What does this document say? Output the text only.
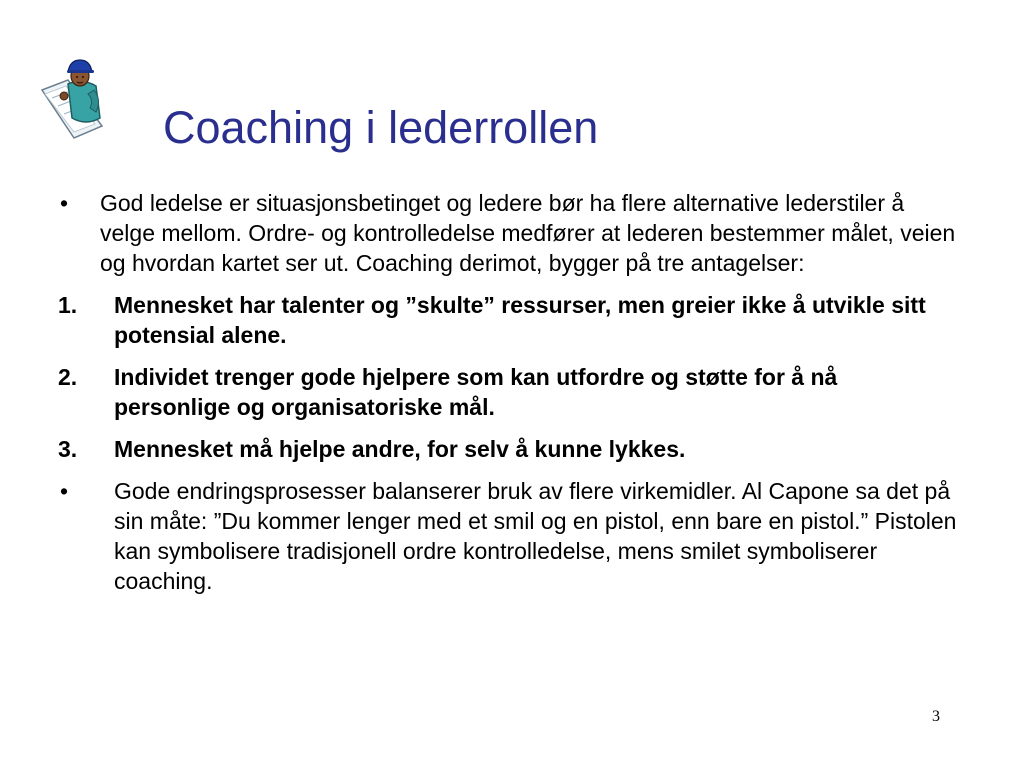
Coaching i lederrollen
• God ledelse er situasjonsbetinget og ledere bør ha flere alternative lederstiler å velge mellom. Ordre- og kontrolledelse medfører at lederen bestemmer målet, veien og hvordan kartet ser ut. Coaching derimot, bygger på tre antagelser:
1. Mennesket har talenter og ”skulte” ressurser, men greier ikke å utvikle sitt potensial alene.
2. Individet trenger gode hjelpere som kan utfordre og støtte for å nå personlige og organisatoriske mål.
3. Mennesket må hjelpe andre, for selv å kunne lykkes.
• Gode endringsprosesser balanserer bruk av flere virkemidler. Al Capone sa det på sin måte: ”Du kommer lenger med et smil og en pistol, enn bare en pistol.” Pistolen kan symbolisere tradisjonell ordre kontrolledelse, mens smilet symboliserer coaching.
3
